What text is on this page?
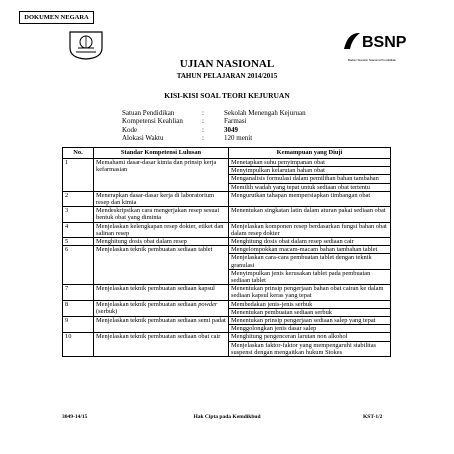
DOKUMEN NEGARA
BSNP
Badan Standar Nasional Pendidikan
UJIAN NASIONAL
TAHUN PELAJARAN 2014/2015
KISI-KISI SOAL TEORI KEJURUAN
Satuan Pendidikan	:	Sekolah Menengah Kejuruan
Kompetensi Keahlian	:	Farmasi
Kode	:	3049
Alokasi Waktu	:	120 menit
No.	Standar Kompetensi Lulusan	Kemampuan yang Diuji
1	Memahami dasar-dasar kimia dan prinsip kerja kefarmasian	Menetapkan suhu penyimpanan obat
Menyimpulkan kelarutan bahan obat
Menganalisis formulasi dalam pemilihan bahan tambahan
Memilih wadah yang tepat untuk sediaan obat tertentu

2	Menerapkan dasar-dasar kerja di laboratorium resep dan kimia	Mengurutkan tahapan mempersiapkan timbangan obat

3	Mendeskripsikan cara mengerjakan resep sesuai bentuk obat yang diminta	Menentukan singkatan latin dalam aturan pakai sediaan obat

4	Menjelaskan kelengkapan resep dokter, etiket dan salinan resep	Menjelaskan komponen resep berdasarkan fungsi bahan obat dalam resep dokter

5	Menghitung dosis obat dalam resep	Menghitung dosis obat dalam resep sediaan cair

6	Menjelaskan teknik pembuatan sediaan tablet	Mengelompokkan macam-macam bahan tambahan tablet
Menjelaskan cara-cara pembuatan tablet dengan teknik granulasi
Menyimpulkan jenis kerusakan tablet pada pembuatan sediaan tablet

7	Menjelaskan teknik pembuatan sediaan kapsul	Menentukan prinsip pengerjaan bahan obat cairan ke dalam sediaan kapsul keras yang tepat

8	Menjelaskan teknik pembuatan sediaan powder (serbuk)	Membedakan jenis-jenis serbuk
Menentukan pembuatan sediaan serbuk

9	Menjelaskan teknik pembuatan sediaan semi padat	Menentukan prinsip pengerjaan sediaan salep yang tepat
Menggolongkan jenis dasar salep

10	Menjelaskan teknik pembuatan sediaan obat cair	Menghitung pengenceran larutan non alkohol
Menjelaskan faktor-faktor yang mempengaruhi stabilitas suspensi dengan mengaitkan hukum Stokes
3049-14/15	Hak Cipta pada Kemdikbud	KST-1/2
